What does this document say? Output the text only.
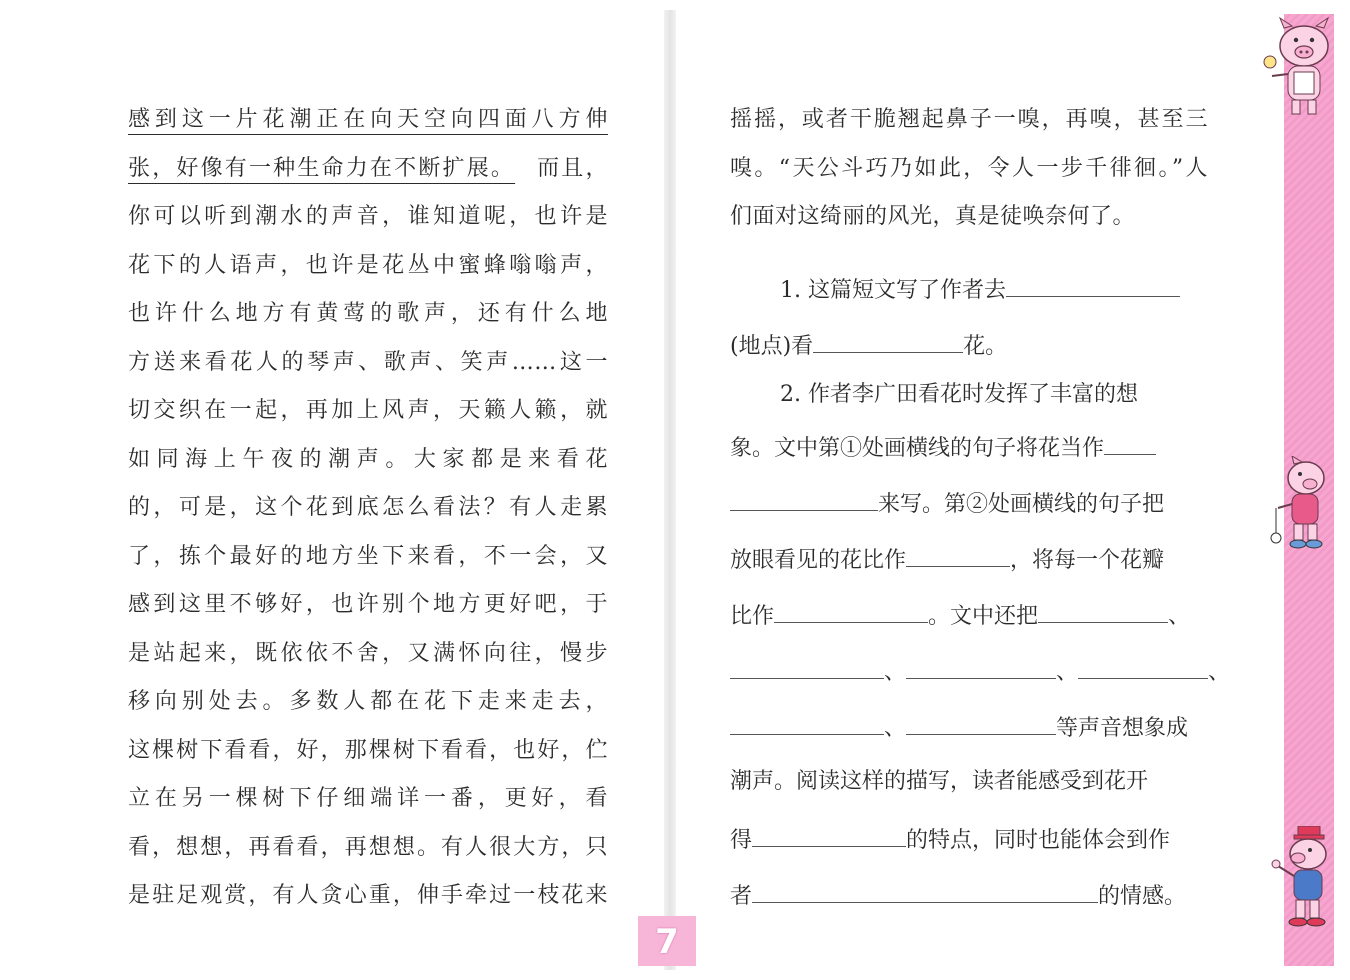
感到这一片花潮正在向天空向四面八方伸
张，好像有一种生命力在不断扩展。 而且，
你可以听到潮水的声音，谁知道呢，也许是
花下的人语声，也许是花丛中蜜蜂嗡嗡声，
也许什么地方有黄莺的歌声，还有什么地
方送来看花人的琴声、歌声、笑声……这一
切交织在一起，再加上风声，天籁人籁，就
如同海上午夜的潮声。大家都是来看花
的，可是，这个花到底怎么看法？有人走累
了，拣个最好的地方坐下来看，不一会，又
感到这里不够好，也许别个地方更好吧，于
是站起来，既依依不舍，又满怀向往，慢步
移向别处去。多数人都在花下走来走去，
这棵树下看看，好，那棵树下看看，也好，伫
立在另一棵树下仔细端详一番，更好，看
看，想想，再看看，再想想。有人很大方，只
是驻足观赏，有人贪心重，伸手牵过一枝花来
摇摇，或者干脆翘起鼻子一嗅，再嗅，甚至三
嗅。“天公斗巧乃如此，令人一步千徘徊。”人
们面对这绮丽的风光，真是徒唤奈何了。
1. 这篇短文写了作者去
(地点)看	花。
2. 作者李广田看花时发挥了丰富的想
象。文中第①处画横线的句子将花当作
来写。第②处画横线的句子把
放眼看见的花比作	，将每一个花瓣
比作	。文中还把	、
、	、	、
、	等声音想象成
潮声。阅读这样的描写，读者能感受到花开
得	的特点，同时也能体会到作
者	的情感。
7
